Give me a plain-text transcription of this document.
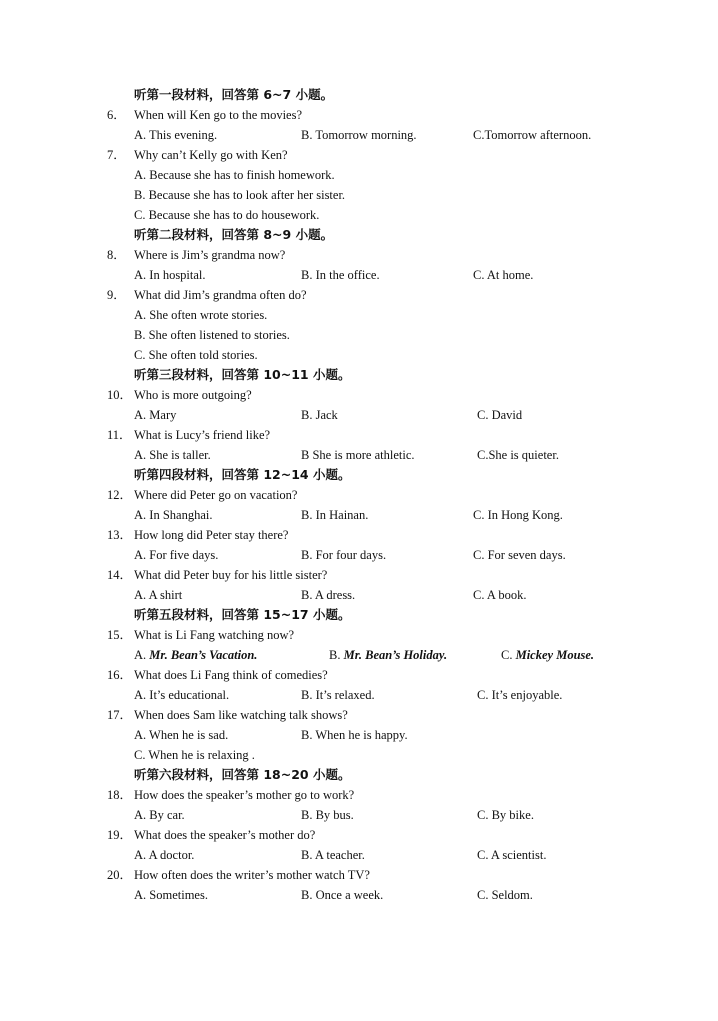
听第一段材料，回答第 6~7 小题。
6． When will Ken go to the movies?
A. This evening.	B. Tomorrow morning.	C.Tomorrow afternoon.
7． Why can’t Kelly go with Ken?
A. Because she has to finish homework.
B. Because she has to look after her sister.
C. Because she has to do housework.
听第二段材料，回答第 8~9 小题。
8． Where is Jim’s grandma now?
A. In hospital.	B. In the office.	C. At home.
9． What did Jim’s grandma often do?
A. She often wrote stories.
B. She often listened to stories.
C. She often told stories.
听第三段材料，回答第 10~11 小题。
10． Who is more outgoing?
A. Mary	B. Jack	C. David
11． What is Lucy’s friend like?
A. She is taller.	B She is more athletic.	C.She is quieter.
听第四段材料，回答第 12~14 小题。
12． Where did Peter go on vacation?
A. In Shanghai.	B. In Hainan.	C. In Hong Kong.
13． How long did Peter stay there?
A. For five days.	B. For four days.	C. For seven days.
14． What did Peter buy for his little sister?
A. A shirt	B. A dress.	C. A book.
听第五段材料，回答第 15~17 小题。
15． What is Li Fang watching now?
A. Mr. Bean’s Vacation.	B. Mr. Bean’s Holiday.	C. Mickey Mouse.
16． What does Li Fang think of comedies?
A. It’s educational.	B. It’s relaxed.	C. It’s enjoyable.
17． When does Sam like watching talk shows?
A. When he is sad.	B. When he is happy.
C. When he is relaxing .
听第六段材料，回答第 18~20 小题。
18． How does the speaker’s mother go to work?
A. By car.	B. By bus.	C. By bike.
19． What does the speaker’s mother do?
A. A doctor.	B. A teacher.	C. A scientist.
20． How often does the writer’s mother watch TV?
A. Sometimes.	B. Once a week.	C. Seldom.
